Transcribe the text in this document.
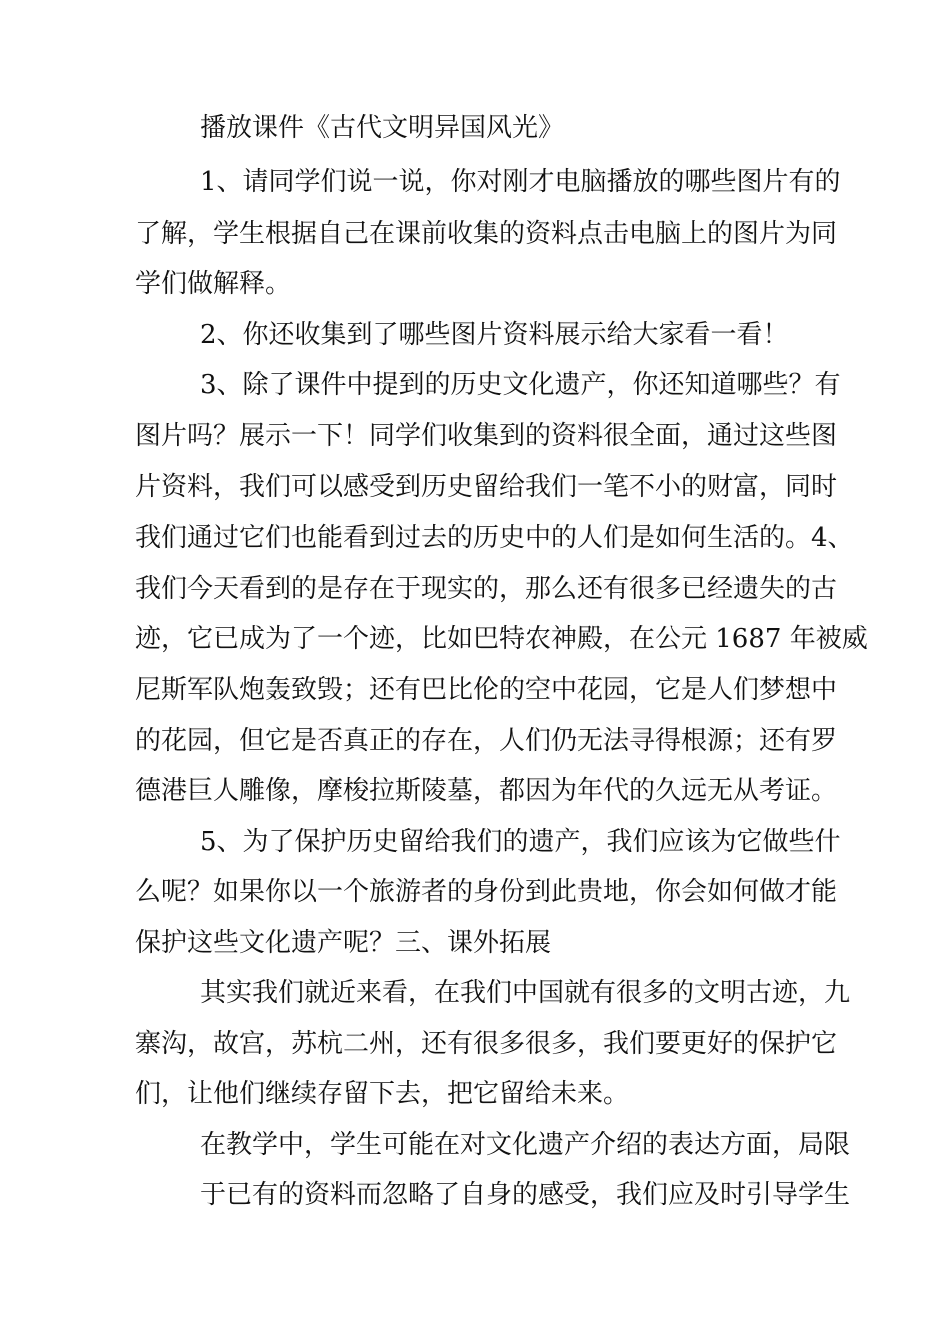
播放课件《古代文明异国风光》
1、请同学们说一说，你对刚才电脑播放的哪些图片有的
了解，学生根据自己在课前收集的资料点击电脑上的图片为同
学们做解释。
2、你还收集到了哪些图片资料展示给大家看一看！
3、除了课件中提到的历史文化遗产，你还知道哪些？有
图片吗？展示一下！同学们收集到的资料很全面，通过这些图
片资料，我们可以感受到历史留给我们一笔不小的财富，同时
我们通过它们也能看到过去的历史中的人们是如何生活的。4、
我们今天看到的是存在于现实的，那么还有很多已经遗失的古
迹，它已成为了一个迹，比如巴特农神殿，在公元 1687 年被威
尼斯军队炮轰致毁；还有巴比伦的空中花园，它是人们梦想中
的花园，但它是否真正的存在，人们仍无法寻得根源；还有罗
德港巨人雕像，摩梭拉斯陵墓，都因为年代的久远无从考证。
5、为了保护历史留给我们的遗产，我们应该为它做些什
么呢？如果你以一个旅游者的身份到此贵地，你会如何做才能
保护这些文化遗产呢？三、课外拓展
其实我们就近来看，在我们中国就有很多的文明古迹，九
寨沟，故宫，苏杭二州，还有很多很多，我们要更好的保护它
们，让他们继续存留下去，把它留给未来。
在教学中，学生可能在对文化遗产介绍的表达方面，局限
于已有的资料而忽略了自身的感受，我们应及时引导学生
